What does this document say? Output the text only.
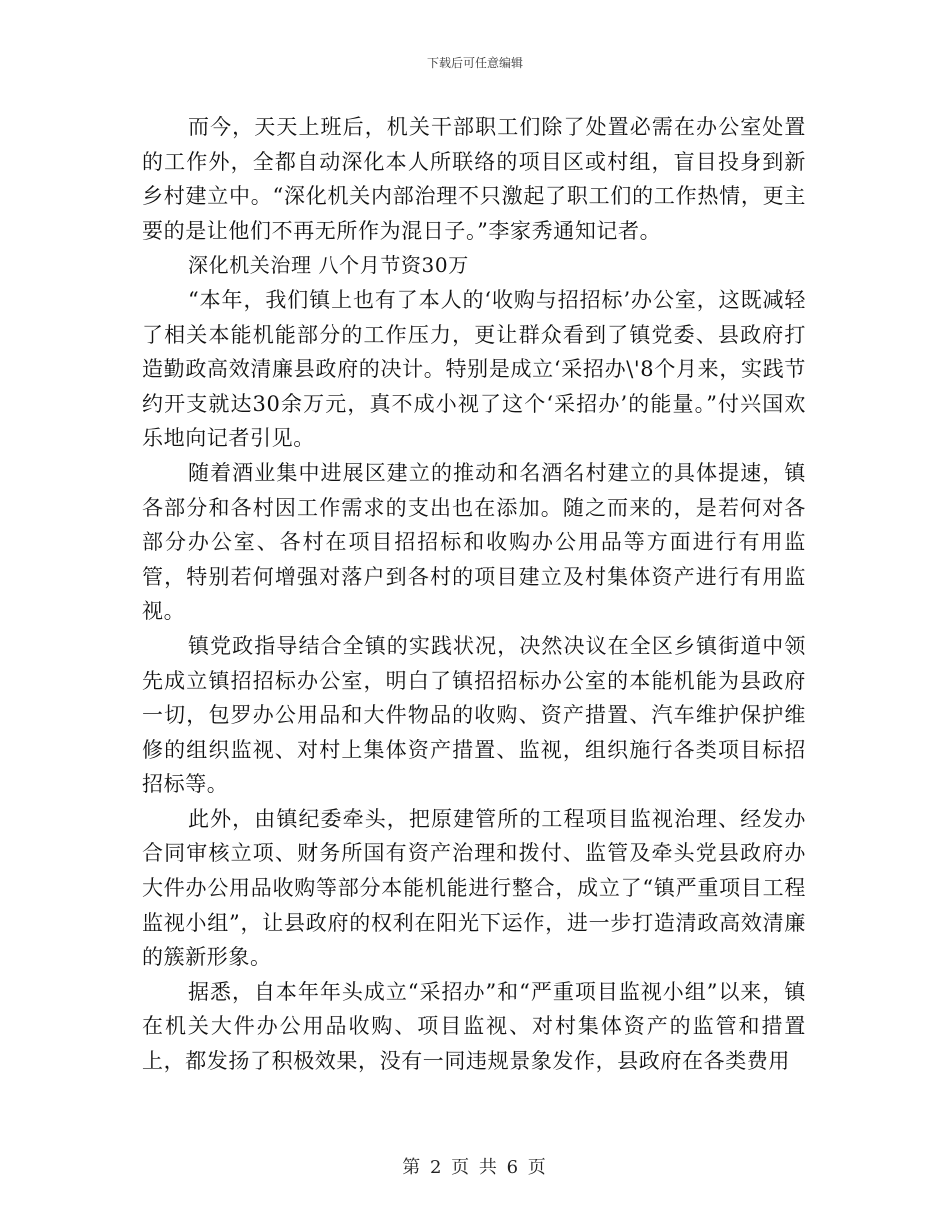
下载后可任意编辑

而今，天天上班后，机关干部职工们除了处置必需在办公室处置的工作外，全都自动深化本人所联络的项目区或村组，盲目投身到新乡村建立中。“深化机关内部治理不只激起了职工们的工作热情，更主要的是让他们不再无所作为混日子。”李家秀通知记者。

深化机关治理 八个月节资30万

“本年，我们镇上也有了本人的‘收购与招招标’办公室，这既减轻了相关本能机能部分的工作压力，更让群众看到了镇党委、县政府打造勤政高效清廉县政府的决计。特别是成立‘采招办\'8个月来，实践节约开支就达30余万元，真不成小视了这个‘采招办’的能量。”付兴国欢乐地向记者引见。

随着酒业集中进展区建立的推动和名酒名村建立的具体提速，镇各部分和各村因工作需求的支出也在添加。随之而来的，是若何对各部分办公室、各村在项目招招标和收购办公用品等方面进行有用监管，特别若何增强对落户到各村的项目建立及村集体资产进行有用监视。

镇党政指导结合全镇的实践状况，决然决议在全区乡镇街道中领先成立镇招招标办公室，明白了镇招招标办公室的本能机能为县政府一切，包罗办公用品和大件物品的收购、资产措置、汽车维护保护维修的组织监视、对村上集体资产措置、监视，组织施行各类项目标招招标等。

此外，由镇纪委牵头，把原建管所的工程项目监视治理、经发办合同审核立项、财务所国有资产治理和拨付、监管及牵头党县政府办大件办公用品收购等部分本能机能进行整合，成立了“镇严重项目工程监视小组”，让县政府的权利在阳光下运作，进一步打造清政高效清廉的簇新形象。

据悉，自本年年头成立“采招办”和“严重项目监视小组”以来，镇在机关大件办公用品收购、项目监视、对村集体资产的监管和措置上，都发扬了积极效果，没有一同违规景象发作，县政府在各类费用

第 2 页 共 6 页
